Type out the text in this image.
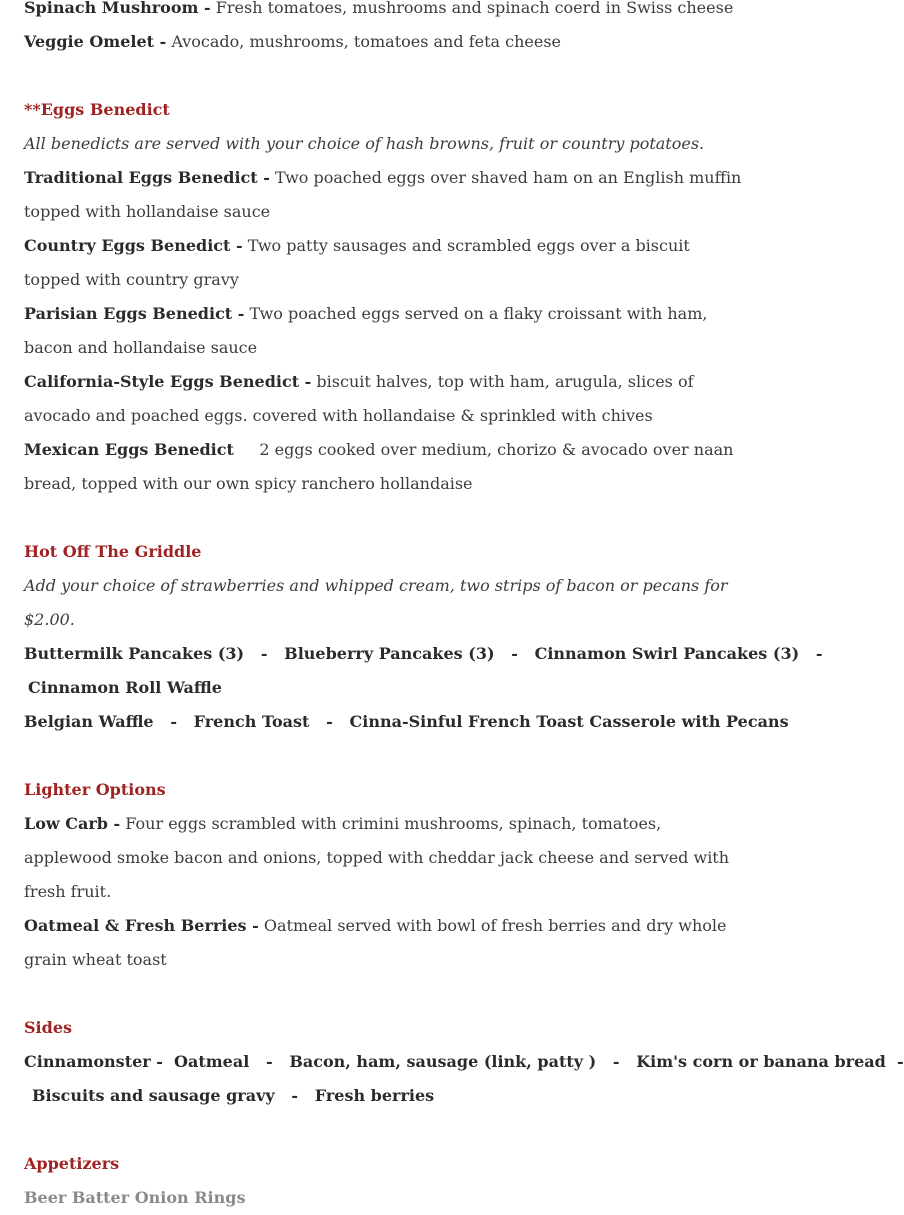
Spinach Mushroom - Fresh tomatoes, mushrooms and spinach coerd in Swiss cheese
Veggie Omelet - Avocado, mushrooms, tomatoes and feta cheese
**Eggs Benedict
All benedicts are served with your choice of hash browns, fruit or country potatoes.
Traditional Eggs Benedict - Two poached eggs over shaved ham on an English muffin topped with hollandaise sauce
Country Eggs Benedict - Two patty sausages and scrambled eggs over a biscuit topped with country gravy
Parisian Eggs Benedict - Two poached eggs served on a flaky croissant with ham, bacon and hollandaise sauce
California-Style Eggs Benedict - biscuit halves, top with ham, arugula, slices of avocado and poached eggs. covered with hollandaise & sprinkled with chives
Mexican Eggs Benedict 2 eggs cooked over medium, chorizo & avocado over naan bread, topped with our own spicy ranchero hollandaise
Hot Off The Griddle
Add your choice of strawberries and whipped cream, two strips of bacon or pecans for $2.00.
Buttermilk Pancakes (3)   -   Blueberry Pancakes (3)   -   Cinnamon Swirl Pancakes (3)   -
Cinnamon Roll Waffle
Belgian Waffle   -   French Toast   -   Cinna-Sinful French Toast Casserole with Pecans
Lighter Options
Low Carb - Four eggs scrambled with crimini mushrooms, spinach, tomatoes, applewood smoke bacon and onions, topped with cheddar jack cheese and served with fresh fruit.
Oatmeal & Fresh Berries - Oatmeal served with bowl of fresh berries and dry whole grain wheat toast
Sides
Cinnamonster -  Oatmeal   -   Bacon, ham, sausage (link, patty )   -   Kim's corn or banana bread  -
Biscuits and sausage gravy   -   Fresh berries
Appetizers
Beer Batter Onion Rings
